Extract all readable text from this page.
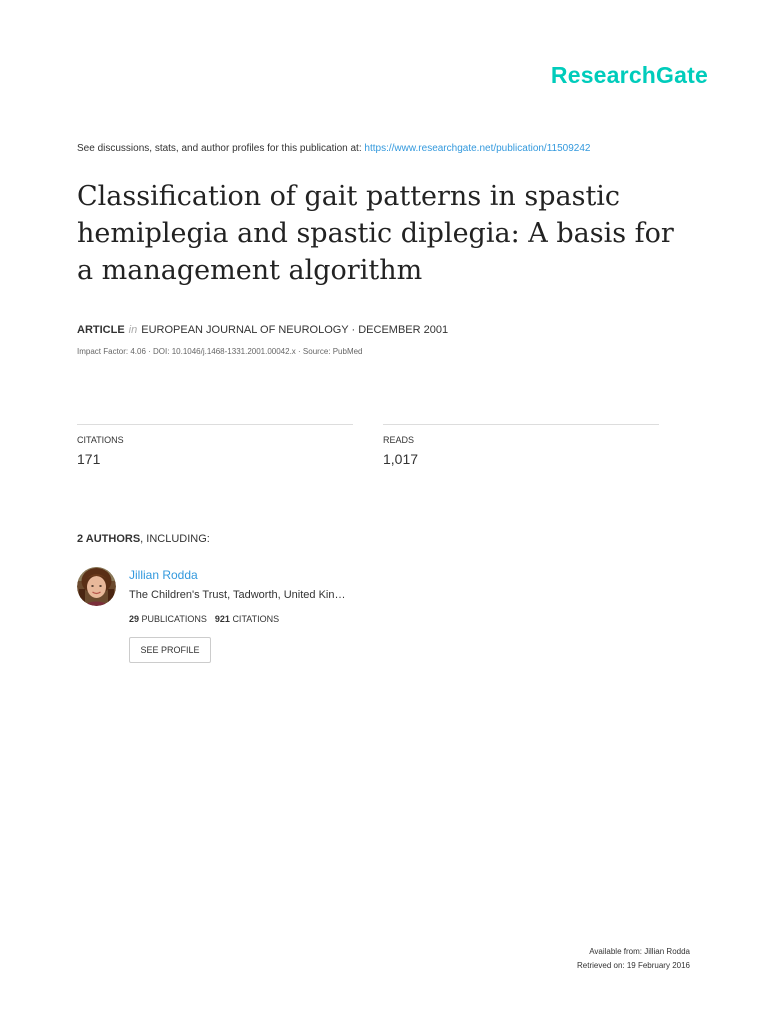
ResearchGate

See discussions, stats, and author profiles for this publication at: https://www.researchgate.net/publication/11509242

Classification of gait patterns in spastic hemiplegia and spastic diplegia: A basis for a management algorithm

ARTICLE in EUROPEAN JOURNAL OF NEUROLOGY · DECEMBER 2001

Impact Factor: 4.06 · DOI: 10.1046/j.1468-1331.2001.00042.x · Source: PubMed

CITATIONS

171

READS

1,017

2 AUTHORS, INCLUDING:

Jillian Rodda

The Children's Trust, Tadworth, United Kin…

29 PUBLICATIONS 921 CITATIONS

SEE PROFILE

Available from: Jillian Rodda

Retrieved on: 19 February 2016
